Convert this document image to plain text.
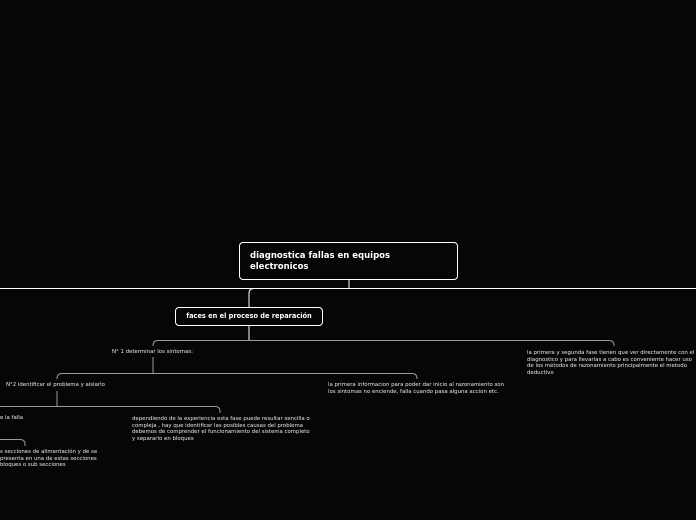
diagnostica fallas en equipos electronicos
faces en el proceso de reparación
N° 1 determinar los sintomas:	la primera y segunda fase tienen que ver directamente con el diagnostico y para llevarlas a cabo es conveniente hacer uso de los métodos de razonamiento principalmente el metodo deductivo
N°2 identificar el problema y aislarlo	la primera informacion para poder dar inicio al razonamiento son los sintomas no enciende, falla cuando pasa alguna accion etc.
e la falla	dependiendo de la experiencia esta fase puede resultar sencilla o compleja , hay que identificar las posibles causas del problema debemos de comprender el funcionamiento del sistema completo y separarlo en bloques
s secciones de alimentación y de se presenta en una de estas secciones bloques o sub secciones
